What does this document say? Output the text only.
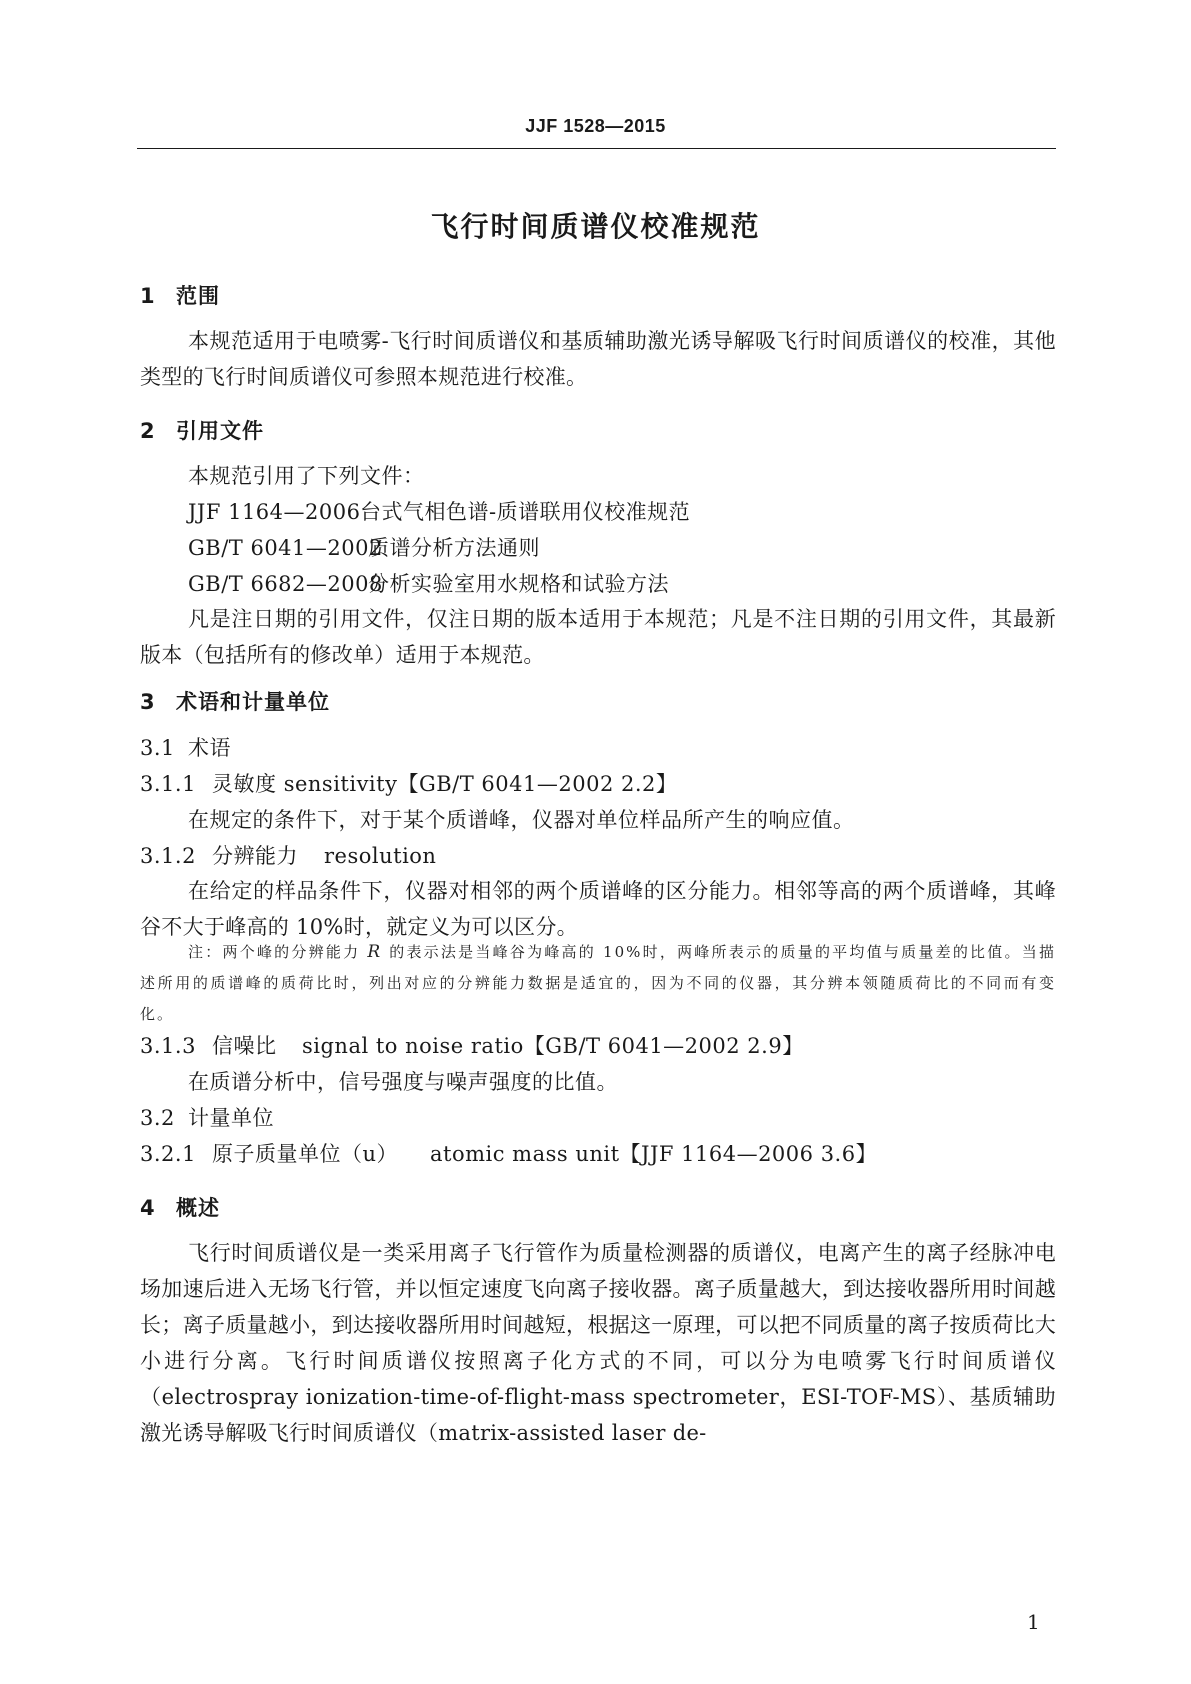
JJF 1528—2015
飞行时间质谱仪校准规范
1 范围
本规范适用于电喷雾-飞行时间质谱仪和基质辅助激光诱导解吸飞行时间质谱仪的校准，其他类型的飞行时间质谱仪可参照本规范进行校准。
2 引用文件
本规范引用了下列文件：
JJF 1164—2006台式气相色谱-质谱联用仪校准规范
GB/T 6041—2002质谱分析方法通则
GB/T 6682—2008分析实验室用水规格和试验方法
凡是注日期的引用文件，仅注日期的版本适用于本规范；凡是不注日期的引用文件，其最新版本（包括所有的修改单）适用于本规范。
3 术语和计量单位
3.1 术语
3.1.1 灵敏度 sensitivity【GB/T 6041—2002 2.2】
在规定的条件下，对于某个质谱峰，仪器对单位样品所产生的响应值。
3.1.2 分辨能力 resolution
在给定的样品条件下，仪器对相邻的两个质谱峰的区分能力。相邻等高的两个质谱峰，其峰谷不大于峰高的 10%时，就定义为可以区分。
注：两个峰的分辨能力 R 的表示法是当峰谷为峰高的 10%时，两峰所表示的质量的平均值与质量差的比值。当描述所用的质谱峰的质荷比时，列出对应的分辨能力数据是适宜的，因为不同的仪器，其分辨本领随质荷比的不同而有变化。
3.1.3 信噪比 signal to noise ratio【GB/T 6041—2002 2.9】
在质谱分析中，信号强度与噪声强度的比值。
3.2 计量单位
3.2.1 原子质量单位（u） atomic mass unit【JJF 1164—2006 3.6】
4 概述
飞行时间质谱仪是一类采用离子飞行管作为质量检测器的质谱仪，电离产生的离子经脉冲电场加速后进入无场飞行管，并以恒定速度飞向离子接收器。离子质量越大，到达接收器所用时间越长；离子质量越小，到达接收器所用时间越短，根据这一原理，可以把不同质量的离子按质荷比大小进行分离。飞行时间质谱仪按照离子化方式的不同，可以分为电喷雾飞行时间质谱仪（electrospray ionization-time-of-flight-mass spectrometer，ESI-TOF-MS）、基质辅助激光诱导解吸飞行时间质谱仪（matrix-assisted laser de-
1
